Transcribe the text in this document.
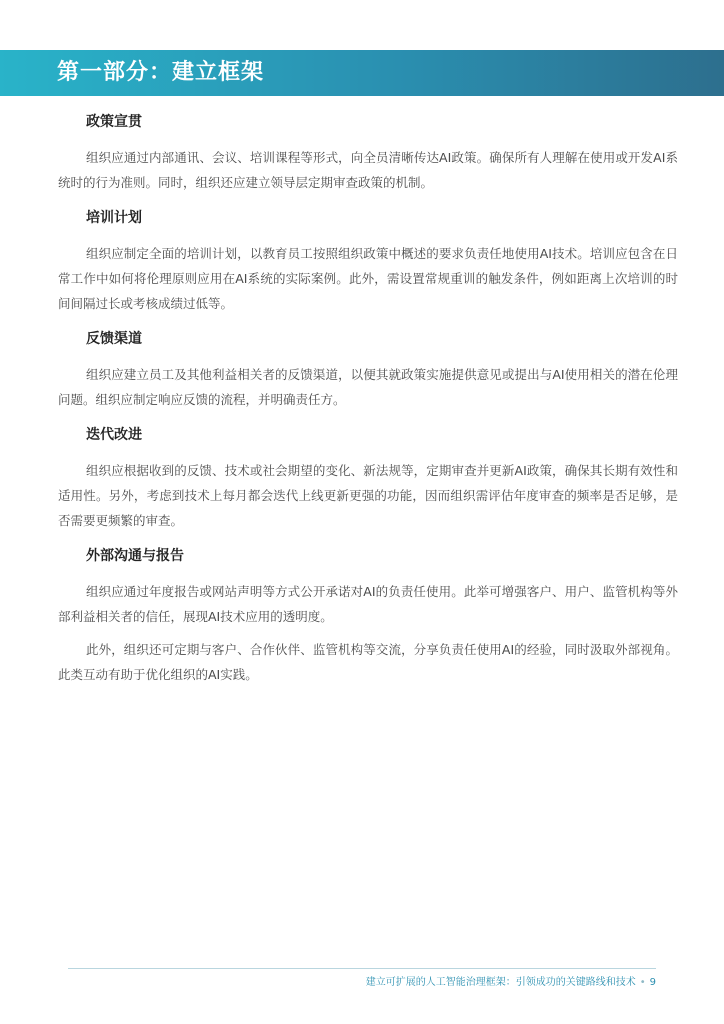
第一部分：建立框架
政策宣贯

组织应通过内部通讯、会议、培训课程等形式，向全员清晰传达AI政策。确保所有人理解在使用或开发AI系统时的行为准则。同时，组织还应建立领导层定期审查政策的机制。

培训计划

组织应制定全面的培训计划，以教育员工按照组织政策中概述的要求负责任地使用AI技术。培训应包含在日常工作中如何将伦理原则应用在AI系统的实际案例。此外，需设置常规重训的触发条件，例如距离上次培训的时间间隔过长或考核成绩过低等。

反馈渠道

组织应建立员工及其他利益相关者的反馈渠道，以便其就政策实施提供意见或提出与AI使用相关的潜在伦理问题。组织应制定响应反馈的流程，并明确责任方。

迭代改进

组织应根据收到的反馈、技术或社会期望的变化、新法规等，定期审查并更新AI政策，确保其长期有效性和适用性。另外，考虑到技术上每月都会迭代上线更新更强的功能，因而组织需评估年度审查的频率是否足够，是否需要更频繁的审查。

外部沟通与报告

组织应通过年度报告或网站声明等方式公开承诺对AI的负责任使用。此举可增强客户、用户、监管机构等外部利益相关者的信任，展现AI技术应用的透明度。

此外，组织还可定期与客户、合作伙伴、监管机构等交流，分享负责任使用AI的经验，同时汲取外部视角。此类互动有助于优化组织的AI实践。

建立可扩展的人工智能治理框架：引领成功的关键路线和技术 • 9
